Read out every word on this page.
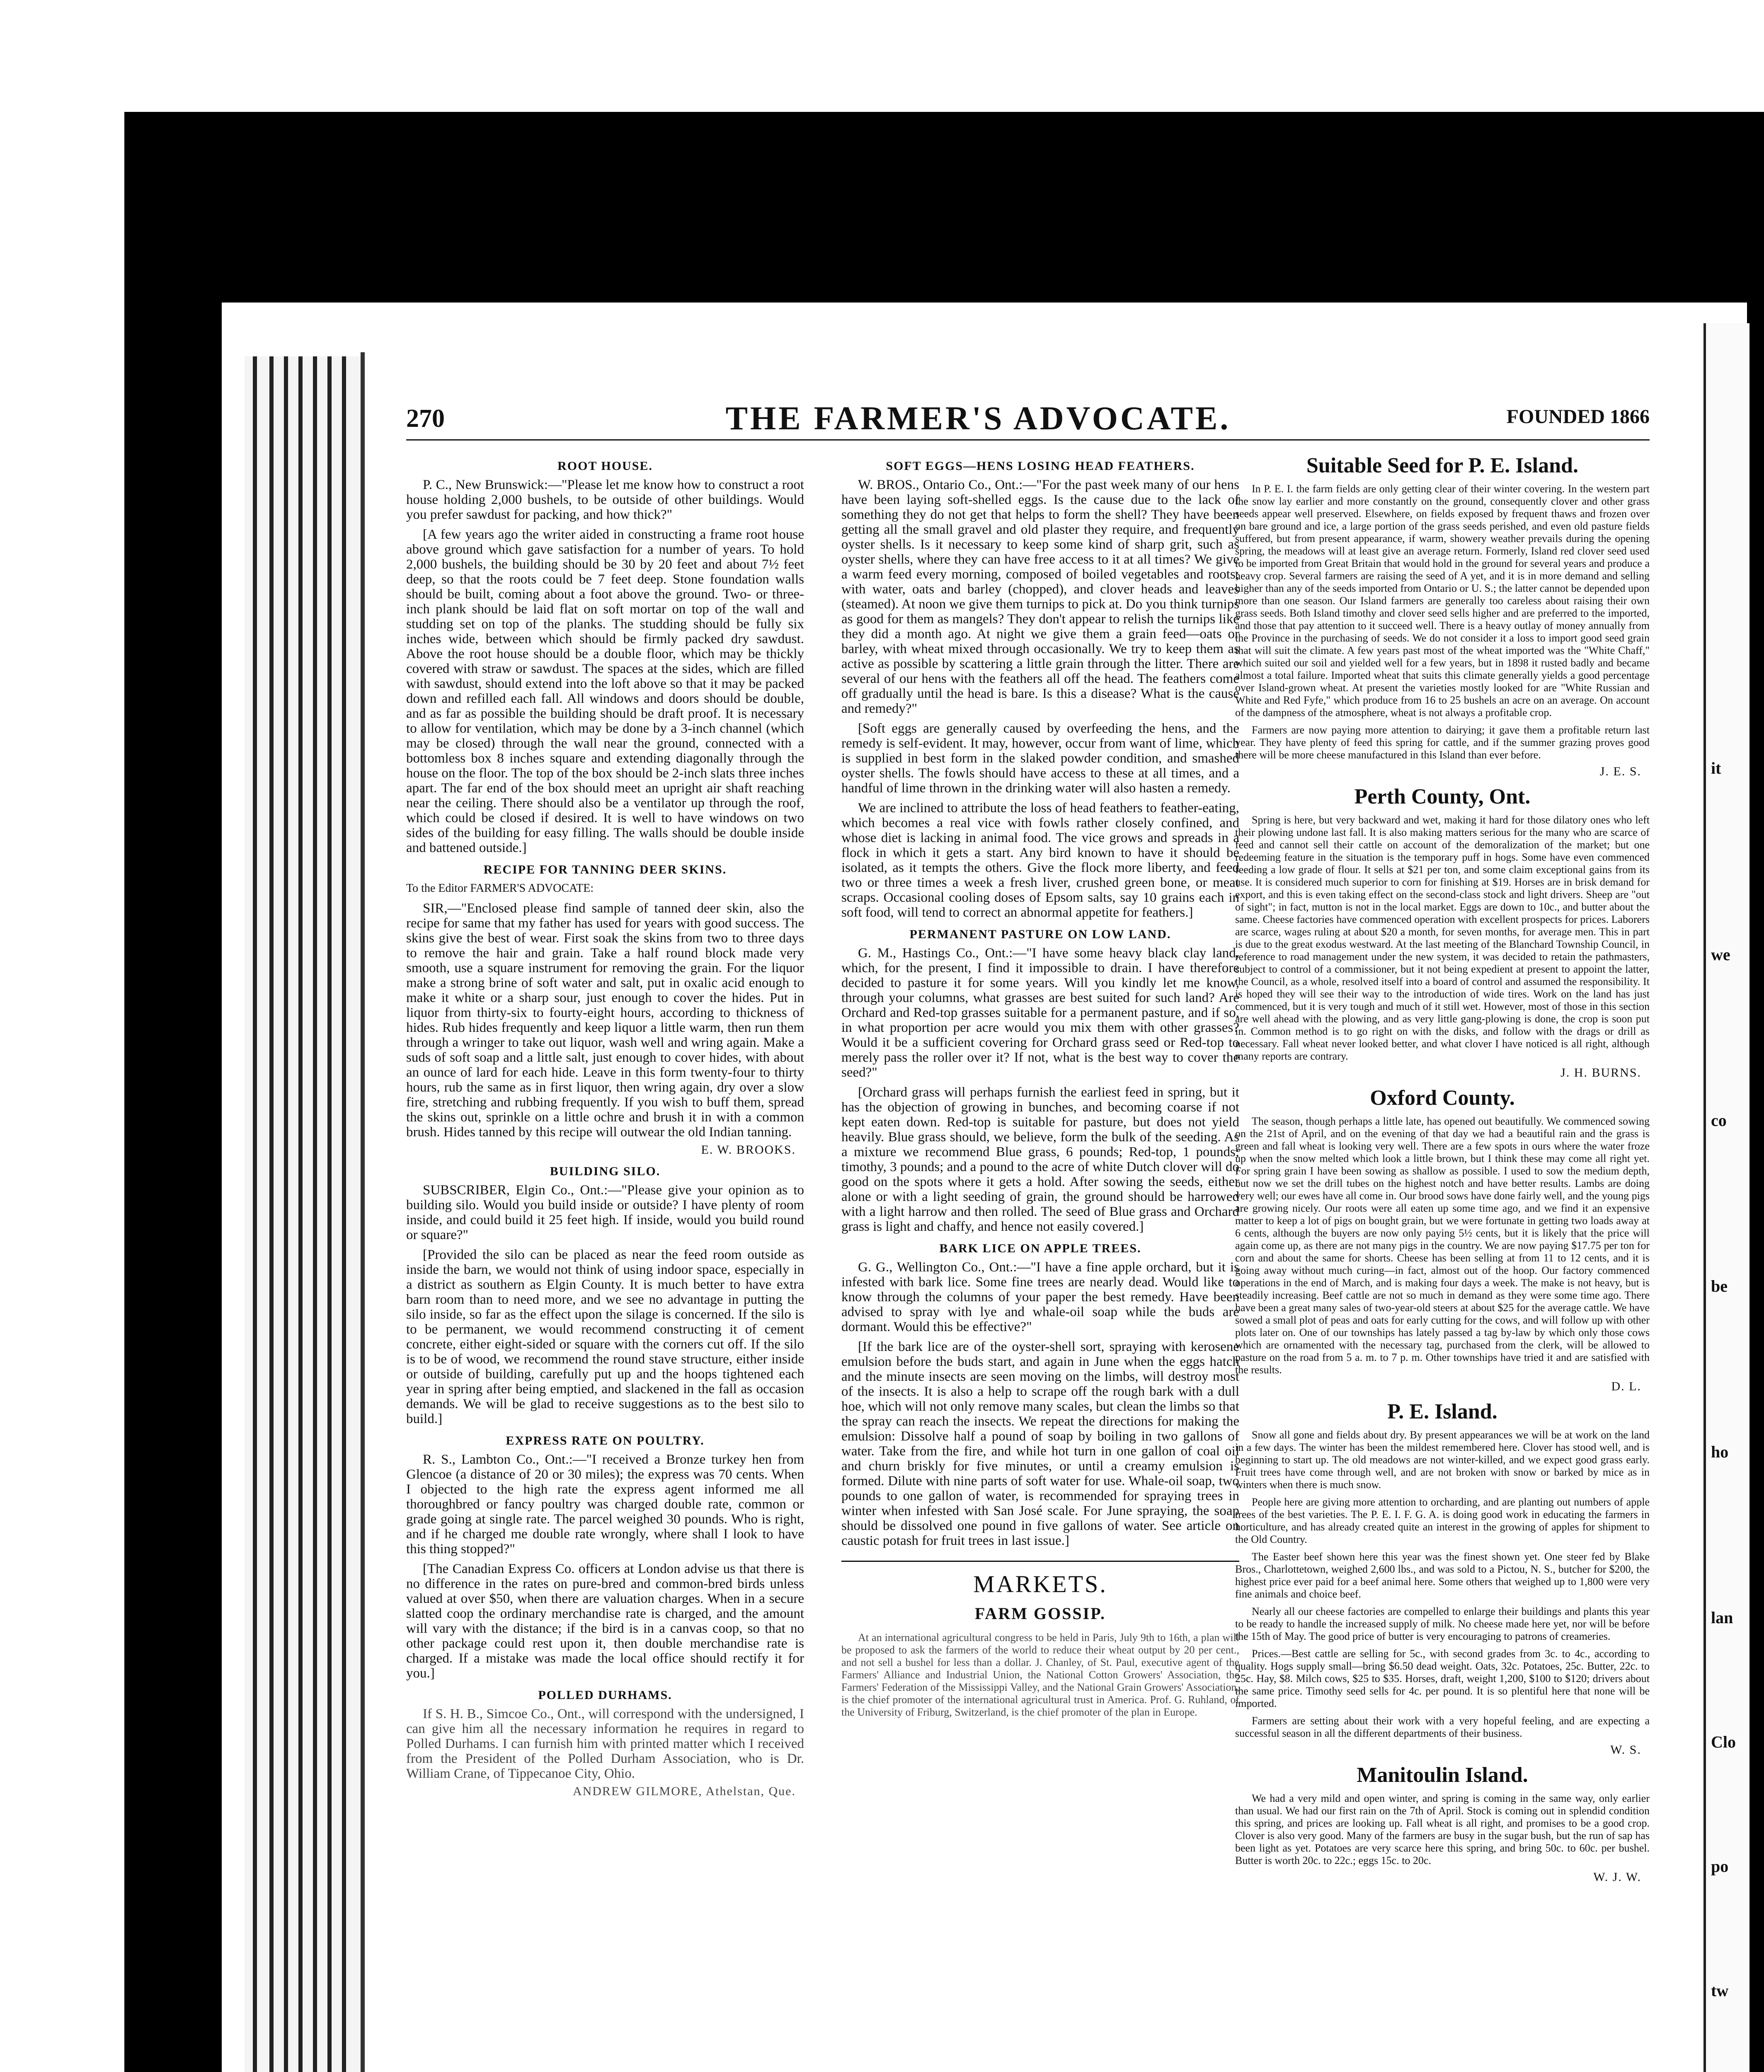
it
we
co
be
ho
lan
Clo
po
tw
270	THE FARMER'S ADVOCATE.	FOUNDED 1866
ROOT HOUSE.

P. C., New Brunswick:—"Please let me know how to construct a root house holding 2,000 bushels, to be outside of other buildings. Would you prefer sawdust for packing, and how thick?"

[A few years ago the writer aided in constructing a frame root house above ground which gave satisfaction for a number of years. To hold 2,000 bushels, the building should be 30 by 20 feet and about 7½ feet deep, so that the roots could be 7 feet deep. Stone foundation walls should be built, coming about a foot above the ground. Two- or three-inch plank should be laid flat on soft mortar on top of the wall and studding set on top of the planks. The studding should be fully six inches wide, between which should be firmly packed dry sawdust. Above the root house should be a double floor, which may be thickly covered with straw or sawdust. The spaces at the sides, which are filled with sawdust, should extend into the loft above so that it may be packed down and refilled each fall. All windows and doors should be double, and as far as possible the building should be draft proof. It is necessary to allow for ventilation, which may be done by a 3-inch channel (which may be closed) through the wall near the ground, connected with a bottomless box 8 inches square and extending diagonally through the house on the floor. The top of the box should be 2-inch slats three inches apart. The far end of the box should meet an upright air shaft reaching near the ceiling. There should also be a ventilator up through the roof, which could be closed if desired. It is well to have windows on two sides of the building for easy filling. The walls should be double inside and battened outside.]

RECIPE FOR TANNING DEER SKINS.

To the Editor FARMER'S ADVOCATE:

SIR,—"Enclosed please find sample of tanned deer skin, also the recipe for same that my father has used for years with good success. The skins give the best of wear. First soak the skins from two to three days to remove the hair and grain. Take a half round block made very smooth, use a square instrument for removing the grain. For the liquor make a strong brine of soft water and salt, put in oxalic acid enough to make it white or a sharp sour, just enough to cover the hides. Put in liquor from thirty-six to fourty-eight hours, according to thickness of hides. Rub hides frequently and keep liquor a little warm, then run them through a wringer to take out liquor, wash well and wring again. Make a suds of soft soap and a little salt, just enough to cover hides, with about an ounce of lard for each hide. Leave in this form twenty-four to thirty hours, rub the same as in first liquor, then wring again, dry over a slow fire, stretching and rubbing frequently. If you wish to buff them, spread the skins out, sprinkle on a little ochre and brush it in with a common brush. Hides tanned by this recipe will outwear the old Indian tanning.

E. W. BROOKS.
BUILDING SILO.

SUBSCRIBER, Elgin Co., Ont.:—"Please give your opinion as to building silo. Would you build inside or outside? I have plenty of room inside, and could build it 25 feet high. If inside, would you build round or square?"

[Provided the silo can be placed as near the feed room outside as inside the barn, we would not think of using indoor space, especially in a district as southern as Elgin County. It is much better to have extra barn room than to need more, and we see no advantage in putting the silo inside, so far as the effect upon the silage is concerned. If the silo is to be permanent, we would recommend constructing it of cement concrete, either eight-sided or square with the corners cut off. If the silo is to be of wood, we recommend the round stave structure, either inside or outside of building, carefully put up and the hoops tightened each year in spring after being emptied, and slackened in the fall as occasion demands. We will be glad to receive suggestions as to the best silo to build.]

EXPRESS RATE ON POULTRY.

R. S., Lambton Co., Ont.:—"I received a Bronze turkey hen from Glencoe (a distance of 20 or 30 miles); the express was 70 cents. When I objected to the high rate the express agent informed me all thoroughbred or fancy poultry was charged double rate, common or grade going at single rate. The parcel weighed 30 pounds. Who is right, and if he charged me double rate wrongly, where shall I look to have this thing stopped?"

[The Canadian Express Co. officers at London advise us that there is no difference in the rates on pure-bred and common-bred birds unless valued at over $50, when there are valuation charges. When in a secure slatted coop the ordinary merchandise rate is charged, and the amount will vary with the distance; if the bird is in a canvas coop, so that no other package could rest upon it, then double merchandise rate is charged. If a mistake was made the local office should rectify it for you.]

POLLED DURHAMS.

If S. H. B., Simcoe Co., Ont., will correspond with the undersigned, I can give him all the necessary information he requires in regard to Polled Durhams. I can furnish him with printed matter which I received from the President of the Polled Durham Association, who is Dr. William Crane, of Tippecanoe City, Ohio.

ANDREW GILMORE, Athelstan, Que.
SOFT EGGS—HENS LOSING HEAD FEATHERS.

W. BROS., Ontario Co., Ont.:—"For the past week many of our hens have been laying soft-shelled eggs. Is the cause due to the lack of something they do not get that helps to form the shell? They have been getting all the small gravel and old plaster they require, and frequently oyster shells. Is it necessary to keep some kind of sharp grit, such as oyster shells, where they can have free access to it at all times? We give a warm feed every morning, composed of boiled vegetables and roots; with water, oats and barley (chopped), and clover heads and leaves (steamed). At noon we give them turnips to pick at. Do you think turnips as good for them as mangels? They don't appear to relish the turnips like they did a month ago. At night we give them a grain feed—oats or barley, with wheat mixed through occasionally. We try to keep them as active as possible by scattering a little grain through the litter. There are several of our hens with the feathers all off the head. The feathers come off gradually until the head is bare. Is this a disease? What is the cause and remedy?"

[Soft eggs are generally caused by overfeeding the hens, and the remedy is self-evident. It may, however, occur from want of lime, which is supplied in best form in the slaked powder condition, and smashed oyster shells. The fowls should have access to these at all times, and a handful of lime thrown in the drinking water will also hasten a remedy.

We are inclined to attribute the loss of head feathers to feather-eating, which becomes a real vice with fowls rather closely confined, and whose diet is lacking in animal food. The vice grows and spreads in a flock in which it gets a start. Any bird known to have it should be isolated, as it tempts the others. Give the flock more liberty, and feed two or three times a week a fresh liver, crushed green bone, or meat scraps. Occasional cooling doses of Epsom salts, say 10 grains each in soft food, will tend to correct an abnormal appetite for feathers.]

PERMANENT PASTURE ON LOW LAND.

G. M., Hastings Co., Ont.:—"I have some heavy black clay land, which, for the present, I find it impossible to drain. I have therefore decided to pasture it for some years. Will you kindly let me know, through your columns, what grasses are best suited for such land? Are Orchard and Red-top grasses suitable for a permanent pasture, and if so, in what proportion per acre would you mix them with other grasses? Would it be a sufficient covering for Orchard grass seed or Red-top to merely pass the roller over it? If not, what is the best way to cover the seed?"

[Orchard grass will perhaps furnish the earliest feed in spring, but it has the objection of growing in bunches, and becoming coarse if not kept eaten down. Red-top is suitable for pasture, but does not yield heavily. Blue grass should, we believe, form the bulk of the seeding. As a mixture we recommend Blue grass, 6 pounds; Red-top, 1 pounds; timothy, 3 pounds; and a pound to the acre of white Dutch clover will do good on the spots where it gets a hold. After sowing the seeds, either alone or with a light seeding of grain, the ground should be harrowed with a light harrow and then rolled. The seed of Blue grass and Orchard grass is light and chaffy, and hence not easily covered.]

BARK LICE ON APPLE TREES.

G. G., Wellington Co., Ont.:—"I have a fine apple orchard, but it is infested with bark lice. Some fine trees are nearly dead. Would like to know through the columns of your paper the best remedy. Have been advised to spray with lye and whale-oil soap while the buds are dormant. Would this be effective?"

[If the bark lice are of the oyster-shell sort, spraying with kerosene emulsion before the buds start, and again in June when the eggs hatch and the minute insects are seen moving on the limbs, will destroy most of the insects. It is also a help to scrape off the rough bark with a dull hoe, which will not only remove many scales, but clean the limbs so that the spray can reach the insects. We repeat the directions for making the emulsion: Dissolve half a pound of soap by boiling in two gallons of water. Take from the fire, and while hot turn in one gallon of coal oil and churn briskly for five minutes, or until a creamy emulsion is formed. Dilute with nine parts of soft water for use. Whale-oil soap, two pounds to one gallon of water, is recommended for spraying trees in winter when infested with San José scale. For June spraying, the soap should be dissolved one pound in five gallons of water. See article on caustic potash for fruit trees in last issue.]

MARKETS.
FARM GOSSIP.

At an international agricultural congress to be held in Paris, July 9th to 16th, a plan will be proposed to ask the farmers of the world to reduce their wheat output by 20 per cent., and not sell a bushel for less than a dollar. J. Chanley, of St. Paul, executive agent of the Farmers' Alliance and Industrial Union, the National Cotton Growers' Association, the Farmers' Federation of the Mississippi Valley, and the National Grain Growers' Association, is the chief promoter of the international agricultural trust in America. Prof. G. Ruhland, of the University of Friburg, Switzerland, is the chief promoter of the plan in Europe.

Suitable Seed for P. E. Island.

In P. E. I. the farm fields are only getting clear of their winter covering. In the western part the snow lay earlier and more constantly on the ground, consequently clover and other grass seeds appear well preserved. Elsewhere, on fields exposed by frequent thaws and frozen over on bare ground and ice, a large portion of the grass seeds perished, and even old pasture fields suffered, but from present appearance, if warm, showery weather prevails during the opening spring, the meadows will at least give an average return. Formerly, Island red clover seed used to be imported from Great Britain that would hold in the ground for several years and produce a heavy crop. Several farmers are raising the seed of A yet, and it is in more demand and selling higher than any of the seeds imported from Ontario or U. S.; the latter cannot be depended upon more than one season. Our Island farmers are generally too careless about raising their own grass seeds. Both Island timothy and clover seed sells higher and are preferred to the imported, and those that pay attention to it succeed well. There is a heavy outlay of money annually from the Province in the purchasing of seeds. We do not consider it a loss to import good seed grain that will suit the climate. A few years past most of the wheat imported was the "White Chaff," which suited our soil and yielded well for a few years, but in 1898 it rusted badly and became almost a total failure. Imported wheat that suits this climate generally yields a good percentage over Island-grown wheat. At present the varieties mostly looked for are "White Russian and White and Red Fyfe," which produce from 16 to 25 bushels an acre on an average. On account of the dampness of the atmosphere, wheat is not always a profitable crop.

Farmers are now paying more attention to dairying; it gave them a profitable return last year. They have plenty of feed this spring for cattle, and if the summer grazing proves good there will be more cheese manufactured in this Island than ever before.

J. E. S.
Perth County, Ont.

Spring is here, but very backward and wet, making it hard for those dilatory ones who left their plowing undone last fall. It is also making matters serious for the many who are scarce of feed and cannot sell their cattle on account of the demoralization of the market; but one redeeming feature in the situation is the temporary puff in hogs. Some have even commenced feeding a low grade of flour. It sells at $21 per ton, and some claim exceptional gains from its use. It is considered much superior to corn for finishing at $19. Horses are in brisk demand for export, and this is even taking effect on the second-class stock and light drivers. Sheep are "out of sight"; in fact, mutton is not in the local market. Eggs are down to 10c., and butter about the same. Cheese factories have commenced operation with excellent prospects for prices. Laborers are scarce, wages ruling at about $20 a month, for seven months, for average men. This in part is due to the great exodus westward. At the last meeting of the Blanchard Township Council, in reference to road management under the new system, it was decided to retain the pathmasters, subject to control of a commissioner, but it not being expedient at present to appoint the latter, the Council, as a whole, resolved itself into a board of control and assumed the responsibility. It is hoped they will see their way to the introduction of wide tires. Work on the land has just commenced, but it is very tough and much of it still wet. However, most of those in this section are well ahead with the plowing, and as very little gang-plowing is done, the crop is soon put in. Common method is to go right on with the disks, and follow with the drags or drill as necessary. Fall wheat never looked better, and what clover I have noticed is all right, although many reports are contrary.

J. H. BURNS.
Oxford County.

The season, though perhaps a little late, has opened out beautifully. We commenced sowing on the 21st of April, and on the evening of that day we had a beautiful rain and the grass is green and fall wheat is looking very well. There are a few spots in ours where the water froze up when the snow melted which look a little brown, but I think these may come all right yet. For spring grain I have been sowing as shallow as possible. I used to sow the medium depth, but now we set the drill tubes on the highest notch and have better results. Lambs are doing very well; our ewes have all come in. Our brood sows have done fairly well, and the young pigs are growing nicely. Our roots were all eaten up some time ago, and we find it an expensive matter to keep a lot of pigs on bought grain, but we were fortunate in getting two loads away at 6 cents, although the buyers are now only paying 5½ cents, but it is likely that the price will again come up, as there are not many pigs in the country. We are now paying $17.75 per ton for corn and about the same for shorts. Cheese has been selling at from 11 to 12 cents, and it is going away without much curing—in fact, almost out of the hoop. Our factory commenced operations in the end of March, and is making four days a week. The make is not heavy, but is steadily increasing. Beef cattle are not so much in demand as they were some time ago. There have been a great many sales of two-year-old steers at about $25 for the average cattle. We have sowed a small plot of peas and oats for early cutting for the cows, and will follow up with other plots later on. One of our townships has lately passed a tag by-law by which only those cows which are ornamented with the necessary tag, purchased from the clerk, will be allowed to pasture on the road from 5 a. m. to 7 p. m. Other townships have tried it and are satisfied with the results.

D. L.
P. E. Island.

Snow all gone and fields about dry. By present appearances we will be at work on the land in a few days. The winter has been the mildest remembered here. Clover has stood well, and is beginning to start up. The old meadows are not winter-killed, and we expect good grass early. Fruit trees have come through well, and are not broken with snow or barked by mice as in winters when there is much snow.

People here are giving more attention to orcharding, and are planting out numbers of apple trees of the best varieties. The P. E. I. F. G. A. is doing good work in educating the farmers in horticulture, and has already created quite an interest in the growing of apples for shipment to the Old Country.

The Easter beef shown here this year was the finest shown yet. One steer fed by Blake Bros., Charlottetown, weighed 2,600 lbs., and was sold to a Pictou, N. S., butcher for $200, the highest price ever paid for a beef animal here. Some others that weighed up to 1,800 were very fine animals and choice beef.

Nearly all our cheese factories are compelled to enlarge their buildings and plants this year to be ready to handle the increased supply of milk. No cheese made here yet, nor will be before the 15th of May. The good price of butter is very encouraging to patrons of creameries.

Prices.—Best cattle are selling for 5c., with second grades from 3c. to 4c., according to quality. Hogs supply small—bring $6.50 dead weight. Oats, 32c. Potatoes, 25c. Butter, 22c. to 25c. Hay, $8. Milch cows, $25 to $35. Horses, draft, weight 1,200, $100 to $120; drivers about the same price. Timothy seed sells for 4c. per pound. It is so plentiful here that none will be imported.

Farmers are setting about their work with a very hopeful feeling, and are expecting a successful season in all the different departments of their business.

W. S.
Manitoulin Island.

We had a very mild and open winter, and spring is coming in the same way, only earlier than usual. We had our first rain on the 7th of April. Stock is coming out in splendid condition this spring, and prices are looking up. Fall wheat is all right, and promises to be a good crop. Clover is also very good. Many of the farmers are busy in the sugar bush, but the run of sap has been light as yet. Potatoes are very scarce here this spring, and bring 50c. to 60c. per bushel. Butter is worth 20c. to 22c.; eggs 15c. to 20c.

W. J. W.
